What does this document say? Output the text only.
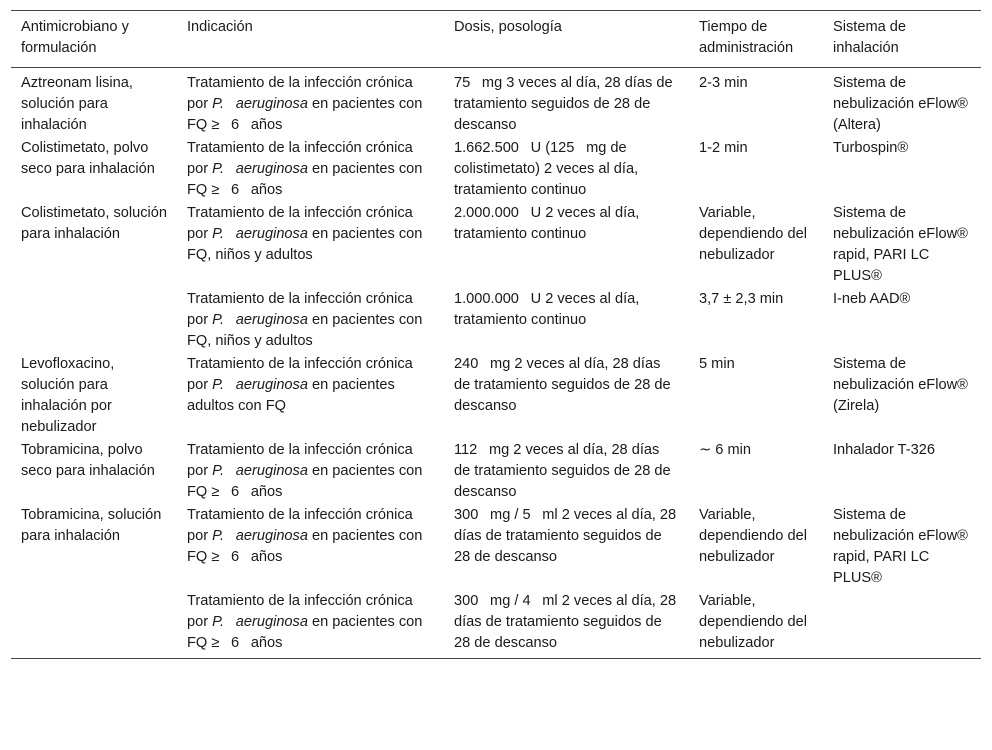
Antimicrobiano y formulación	Indicación	Dosis, posología	Tiempo de administración	Sistema de inhalación
Aztreonam lisina, solución para inhalación	Tratamiento de la infección crónica por P.    aeruginosa en pacientes con FQ ≥    6    años	75    mg 3 veces al día, 28 días de tratamiento seguidos de 28 de descanso	2-3 min	Sistema de nebulización eFlow® (Altera)
Colistimetato, polvo seco para inhalación	Tratamiento de la infección crónica por P.    aeruginosa en pacientes con FQ ≥    6    años	1.662.500    U (125    mg de colistimetato) 2 veces al día, tratamiento continuo	1-2 min	Turbospin®
Colistimetato, solución para inhalación	Tratamiento de la infección crónica por P.    aeruginosa en pacientes con FQ, niños y adultos	2.000.000    U 2 veces al día, tratamiento continuo	Variable, dependiendo del nebulizador	Sistema de nebulización eFlow® rapid, PARI LC PLUS®
	Tratamiento de la infección crónica por P.    aeruginosa en pacientes con FQ, niños y adultos	1.000.000    U 2 veces al día, tratamiento continuo	3,7 ± 2,3 min	I-neb AAD®
Levofloxacino, solución para inhalación por nebulizador	Tratamiento de la infección crónica por P.    aeruginosa en pacientes adultos con FQ	240    mg 2 veces al día, 28 días de tratamiento seguidos de 28 de descanso	5 min	Sistema de nebulización eFlow® (Zirela)
Tobramicina, polvo seco para inhalación	Tratamiento de la infección crónica por P.    aeruginosa en pacientes con FQ ≥    6    años	112    mg 2 veces al día, 28 días de tratamiento seguidos de 28 de descanso	∼ 6 min	Inhalador T-326
Tobramicina, solución para inhalación	Tratamiento de la infección crónica por P.    aeruginosa en pacientes con FQ ≥    6    años	300    mg / 5    ml 2 veces al día, 28 días de tratamiento seguidos de 28 de descanso	Variable, dependiendo del nebulizador	Sistema de nebulización eFlow® rapid, PARI LC PLUS®
	Tratamiento de la infección crónica por P.    aeruginosa en pacientes con FQ ≥    6    años	300    mg / 4    ml 2 veces al día, 28 días de tratamiento seguidos de 28 de descanso	Variable, dependiendo del nebulizador	
